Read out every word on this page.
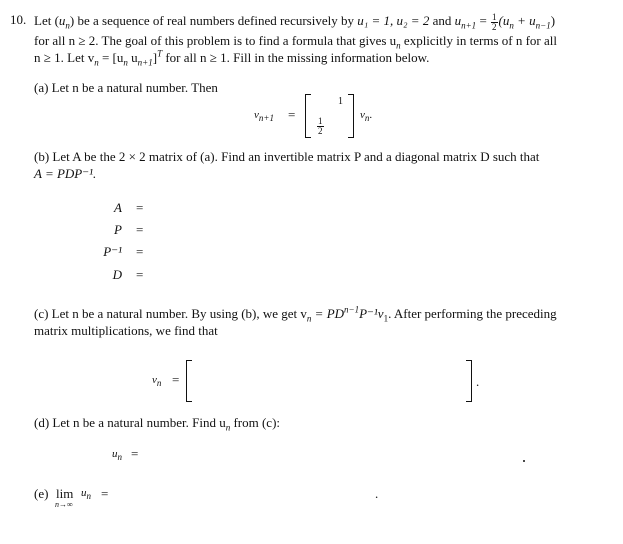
10. Let $(u_n)$ be a sequence of real numbers defined recursively by u₁ = 1, u₂ = 2 and $u_{n+1} = \frac{1}{2} (u_n + u_{n-1})$
for all n ≥ 2. The goal of this problem is to find a formula that gives $u_n$ explicitly in terms of n for all
n ≥ 1. Let $v_n = [u_n$ $u_{n+1}]^T$ for all n ≥ 1. Fill in the missing information below.
(a) Let n be a natural number. Then
$v_{n+1}$ =
1
$\frac{1}{2}$
$v_n$.
(b) Let A be the 2 × 2 matrix of (a). Find an invertible matrix P and a diagonal matrix D such that
A = PDP⁻¹.
A =
P =
P⁻¹ =
D =
(c) Let n be a natural number. By using (b), we get $v_n = PD^{n-1}P^{-1}v_1$. After performing the preceding
matrix multiplications, we find that
$v_n$ =	.
(d) Let n be a natural number. Find $u_n$ from (c):
$u_n$ =
(e) lim
n→∞
$u_n$ =	.
